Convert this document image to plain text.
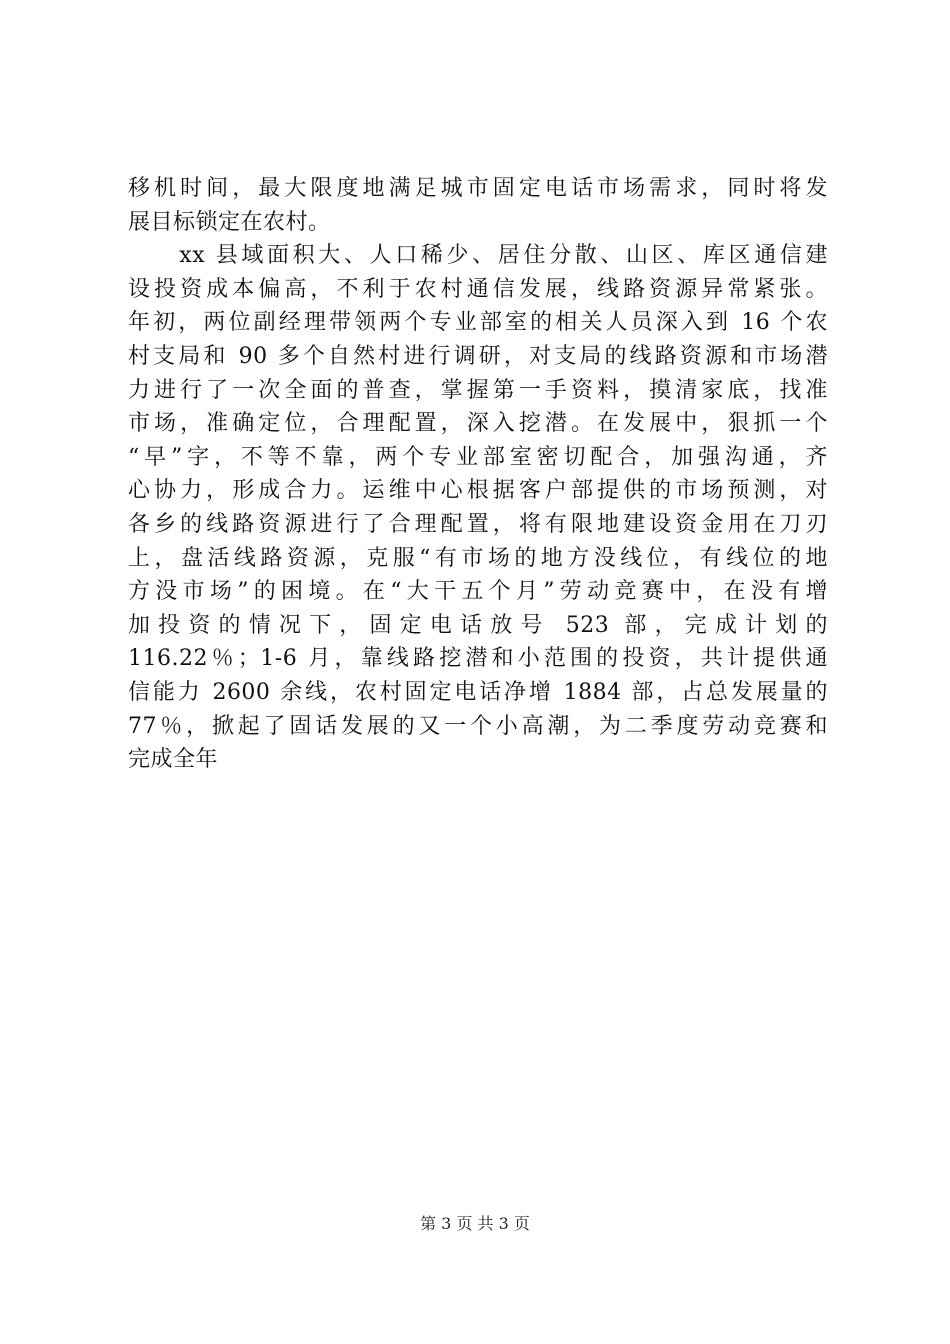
移机时间，最大限度地满足城市固定电话市场需求，同时将发
展目标锁定在农村。
　　xx 县域面积大、人口稀少、居住分散、山区、库区通信建
设投资成本偏高，不利于农村通信发展，线路资源异常紧张。
年初，两位副经理带领两个专业部室的相关人员深入到 16 个农
村支局和 90 多个自然村进行调研，对支局的线路资源和市场潜
力进行了一次全面的普查，掌握第一手资料，摸清家底，找准
市场，准确定位，合理配置，深入挖潜。在发展中，狠抓一个
“早”字，不等不靠，两个专业部室密切配合，加强沟通，齐
心协力，形成合力。运维中心根据客户部提供的市场预测，对
各乡的线路资源进行了合理配置，将有限地建设资金用在刀刃
上，盘活线路资源，克服“有市场的地方没线位，有线位的地
方没市场”的困境。在“大干五个月”劳动竞赛中，在没有增
加投资的情况下，固定电话放号 523 部，完成计划的
116.22％；1-6 月，靠线路挖潜和小范围的投资，共计提供通
信能力 2600 余线，农村固定电话净增 1884 部，占总发展量的
77％，掀起了固话发展的又一个小高潮，为二季度劳动竞赛和
完成全年
第 3 页 共 3 页
